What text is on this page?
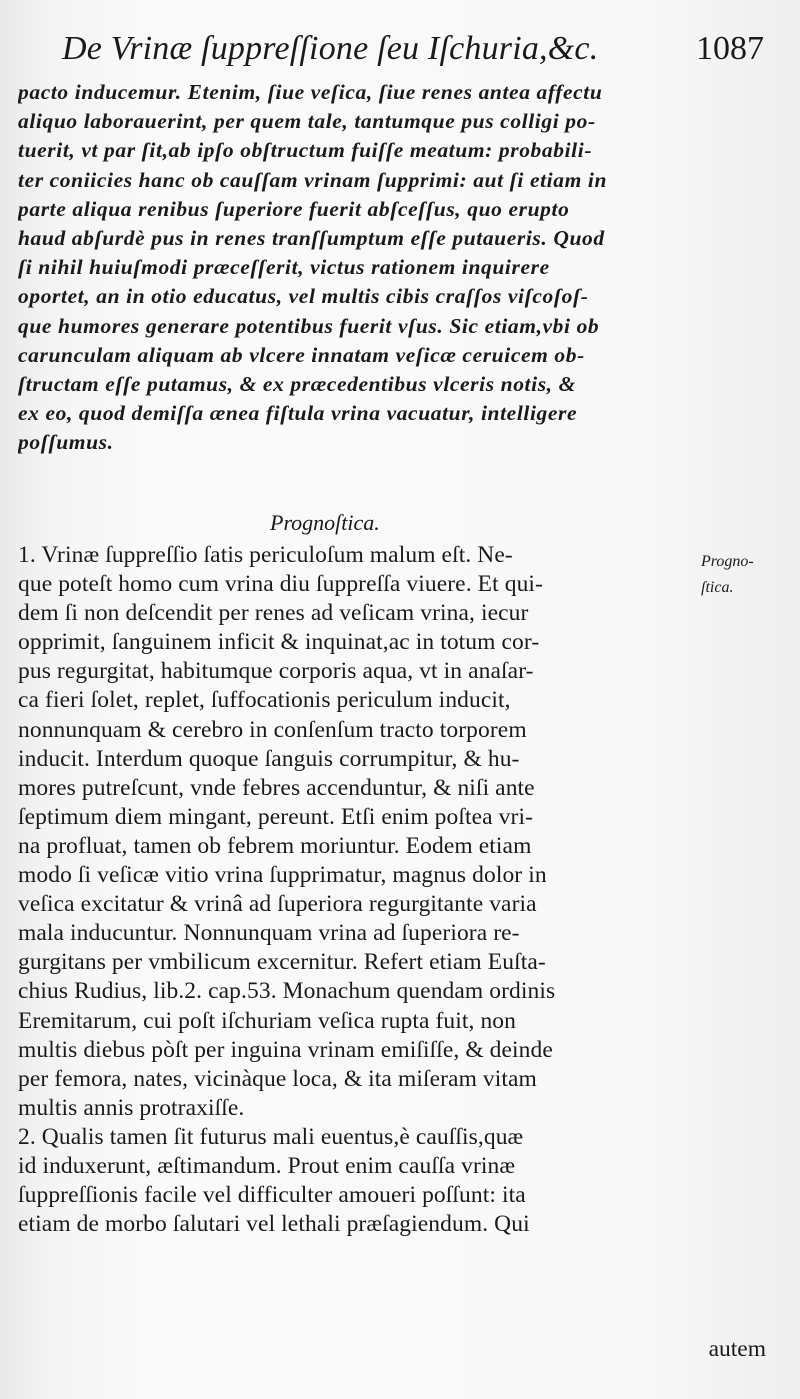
De Vrinæ ſuppreſſione ſeu Iſchuria,&c.	1087
pacto inducemur. Etenim, ſiue veſica, ſiue renes antea affectu
aliquo laborauerint, per quem tale, tantumque pus colligi po-
tuerit, vt par ſit,ab ipſo obſtructum fuiſſe meatum: probabili-
ter coniicies hanc ob cauſſam vrinam ſupprimi: aut ſi etiam in
parte aliqua renibus ſuperiore fuerit abſceſſus, quo erupto
haud abſurdè pus in renes tranſſumptum eſſe putaueris. Quod
ſi nihil huiuſmodi præceſſerit, victus rationem inquirere
oportet, an in otio educatus, vel multis cibis craſſos viſcoſoſ-
que humores generare potentibus fuerit vſus. Sic etiam,vbi ob
carunculam aliquam ab vlcere innatam veſicæ ceruicem ob-
ſtructam eſſe putamus, & ex præcedentibus vlceris notis, &
ex eo, quod demiſſa ænea fiſtula vrina vacuatur, intelligere
poſſumus.
Prognoſtica.
1. Vrinæ ſuppreſſio ſatis periculoſum malum eſt. Ne-
que poteſt homo cum vrina diu ſuppreſſa viuere. Et qui-
dem ſi non deſcendit per renes ad veſicam vrina, iecur
opprimit, ſanguinem inficit & inquinat,ac in totum cor-
pus regurgitat, habitumque corporis aqua, vt in anaſar-
ca fieri ſolet, replet, ſuffocationis periculum inducit,
nonnunquam & cerebro in conſenſum tracto torporem
inducit. Interdum quoque ſanguis corrumpitur, & hu-
mores putreſcunt, vnde febres accenduntur, & niſi ante
ſeptimum diem mingant, pereunt. Etſi enim poſtea vri-
na profluat, tamen ob febrem moriuntur. Eodem etiam
modo ſi veſicæ vitio vrina ſupprimatur, magnus dolor in
veſica excitatur & vrinâ ad ſuperiora regurgitante varia
mala inducuntur. Nonnunquam vrina ad ſuperiora re-
gurgitans per vmbilicum excernitur. Refert etiam Euſta-
chius Rudius, lib.2. cap.53. Monachum quendam ordinis
Eremitarum, cui poſt iſchuriam veſica rupta fuit, non
multis diebus pòſt per inguina vrinam emiſiſſe, & deinde
per femora, nates, vicinàque loca, & ita miſeram vitam
multis annis protraxiſſe.
2. Qualis tamen ſit futurus mali euentus,è cauſſis,quæ
id induxerunt, æſtimandum. Prout enim cauſſa vrinæ
ſuppreſſionis facile vel difficulter amoueri poſſunt: ita
etiam de morbo ſalutari vel lethali præſagiendum. Qui
Progno-
ſtica.
autem
